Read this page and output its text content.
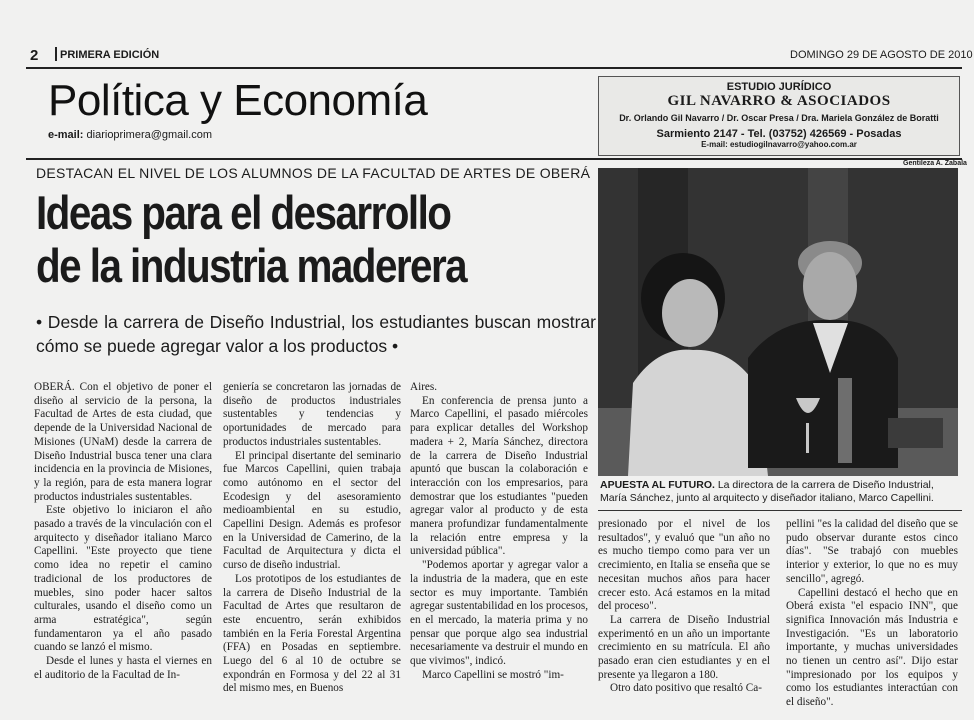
2 PRIMERA EDICIÓN	DOMINGO 29 DE AGOSTO DE 2010
Política y Economía
e-mail: diarioprimera@gmail.com
ESTUDIO JURÍDICO
GIL NAVARRO & ASOCIADOS
Dr. Orlando Gil Navarro / Dr. Oscar Presa / Dra. Mariela González de Boratti
Sarmiento 2147 - Tel. (03752) 426569 - Posadas
E-mail: estudiogilnavarro@yahoo.com.ar
Gentileza A. Zabala
DESTACAN EL NIVEL DE LOS ALUMNOS DE LA FACULTAD DE ARTES DE OBERÁ
Ideas para el desarrollo
de la industria maderera
• Desde la carrera de Diseño Industrial, los estudiantes buscan mostrar cómo se puede agregar valor a los productos •
APUESTA AL FUTURO. La directora de la carrera de Diseño Industrial, María Sánchez, junto al arquitecto y diseñador italiano, Marco Capellini.

OBERÁ. Con el objetivo de poner el diseño al servicio de la persona, la Facultad de Artes de esta ciudad, que depende de la Universidad Nacional de Misiones (UNaM) desde la carrera de Diseño Industrial busca tener una clara incidencia en la provincia de Misiones, y la región, para de esta manera lograr productos industriales sustentables.

Este objetivo lo iniciaron el año pasado a través de la vinculación con el arquitecto y diseñador italiano Marco Capellini. "Este proyecto que tiene como idea no repetir el camino tradicional de los productores de muebles, sino poder hacer saltos culturales, usando el diseño como un arma estratégica", según fundamentaron ya el año pasado cuando se lanzó el mismo.

Desde el lunes y hasta el viernes en el auditorio de la Facultad de In-

geniería se concretaron las jornadas de diseño de productos industriales sustentables y tendencias y oportunidades de mercado para productos industriales sustentables.

El principal disertante del seminario fue Marcos Capellini, quien trabaja como autónomo en el sector del Ecodesign y del asesoramiento medioambiental en su estudio, Capellini Design. Además es profesor en la Universidad de Camerino, de la Facultad de Arquitectura y dicta el curso de diseño industrial.

Los prototipos de los estudiantes de la carrera de Diseño Industrial de la Facultad de Artes que resultaron de este encuentro, serán exhibidos también en la Feria Forestal Argentina (FFA) en Posadas en septiembre. Luego del 6 al 10 de octubre se expondrán en Formosa y del 22 al 31 del mismo mes, en Buenos

Aires.

En conferencia de prensa junto a Marco Capellini, el pasado miércoles para explicar detalles del Workshop madera + 2, María Sánchez, directora de la carrera de Diseño Industrial apuntó que buscan la colaboración e interacción con los empresarios, para demostrar que los estudiantes "pueden agregar valor al producto y de esta manera profundizar fundamentalmente la relación entre empresa y la universidad pública".

"Podemos aportar y agregar valor a la industria de la madera, que en este sector es muy importante. También agregar sustentabilidad en los procesos, en el mercado, la materia prima y no pensar que porque algo sea industrial necesariamente va destruir el mundo en que vivimos", indicó.

Marco Capellini se mostró "im-

presionado por el nivel de los resultados", y evaluó que "un año no es mucho tiempo como para ver un crecimiento, en Italia se enseña que se necesitan muchos años para hacer crecer esto. Acá estamos en la mitad del proceso".

La carrera de Diseño Industrial experimentó en un año un importante crecimiento en su matrícula. El año pasado eran cien estudiantes y en el presente ya llegaron a 180.

Otro dato positivo que resaltó Ca-

pellini "es la calidad del diseño que se pudo observar durante estos cinco días". "Se trabajó con muebles interior y exterior, lo que no es muy sencillo", agregó.

Capellini destacó el hecho que en Oberá exista "el espacio INN", que significa Innovación más Industria e Investigación. "Es un laboratorio importante, y muchas universidades no tienen un centro así". Dijo estar "impresionado por los equipos y como los estudiantes interactúan con el diseño".
